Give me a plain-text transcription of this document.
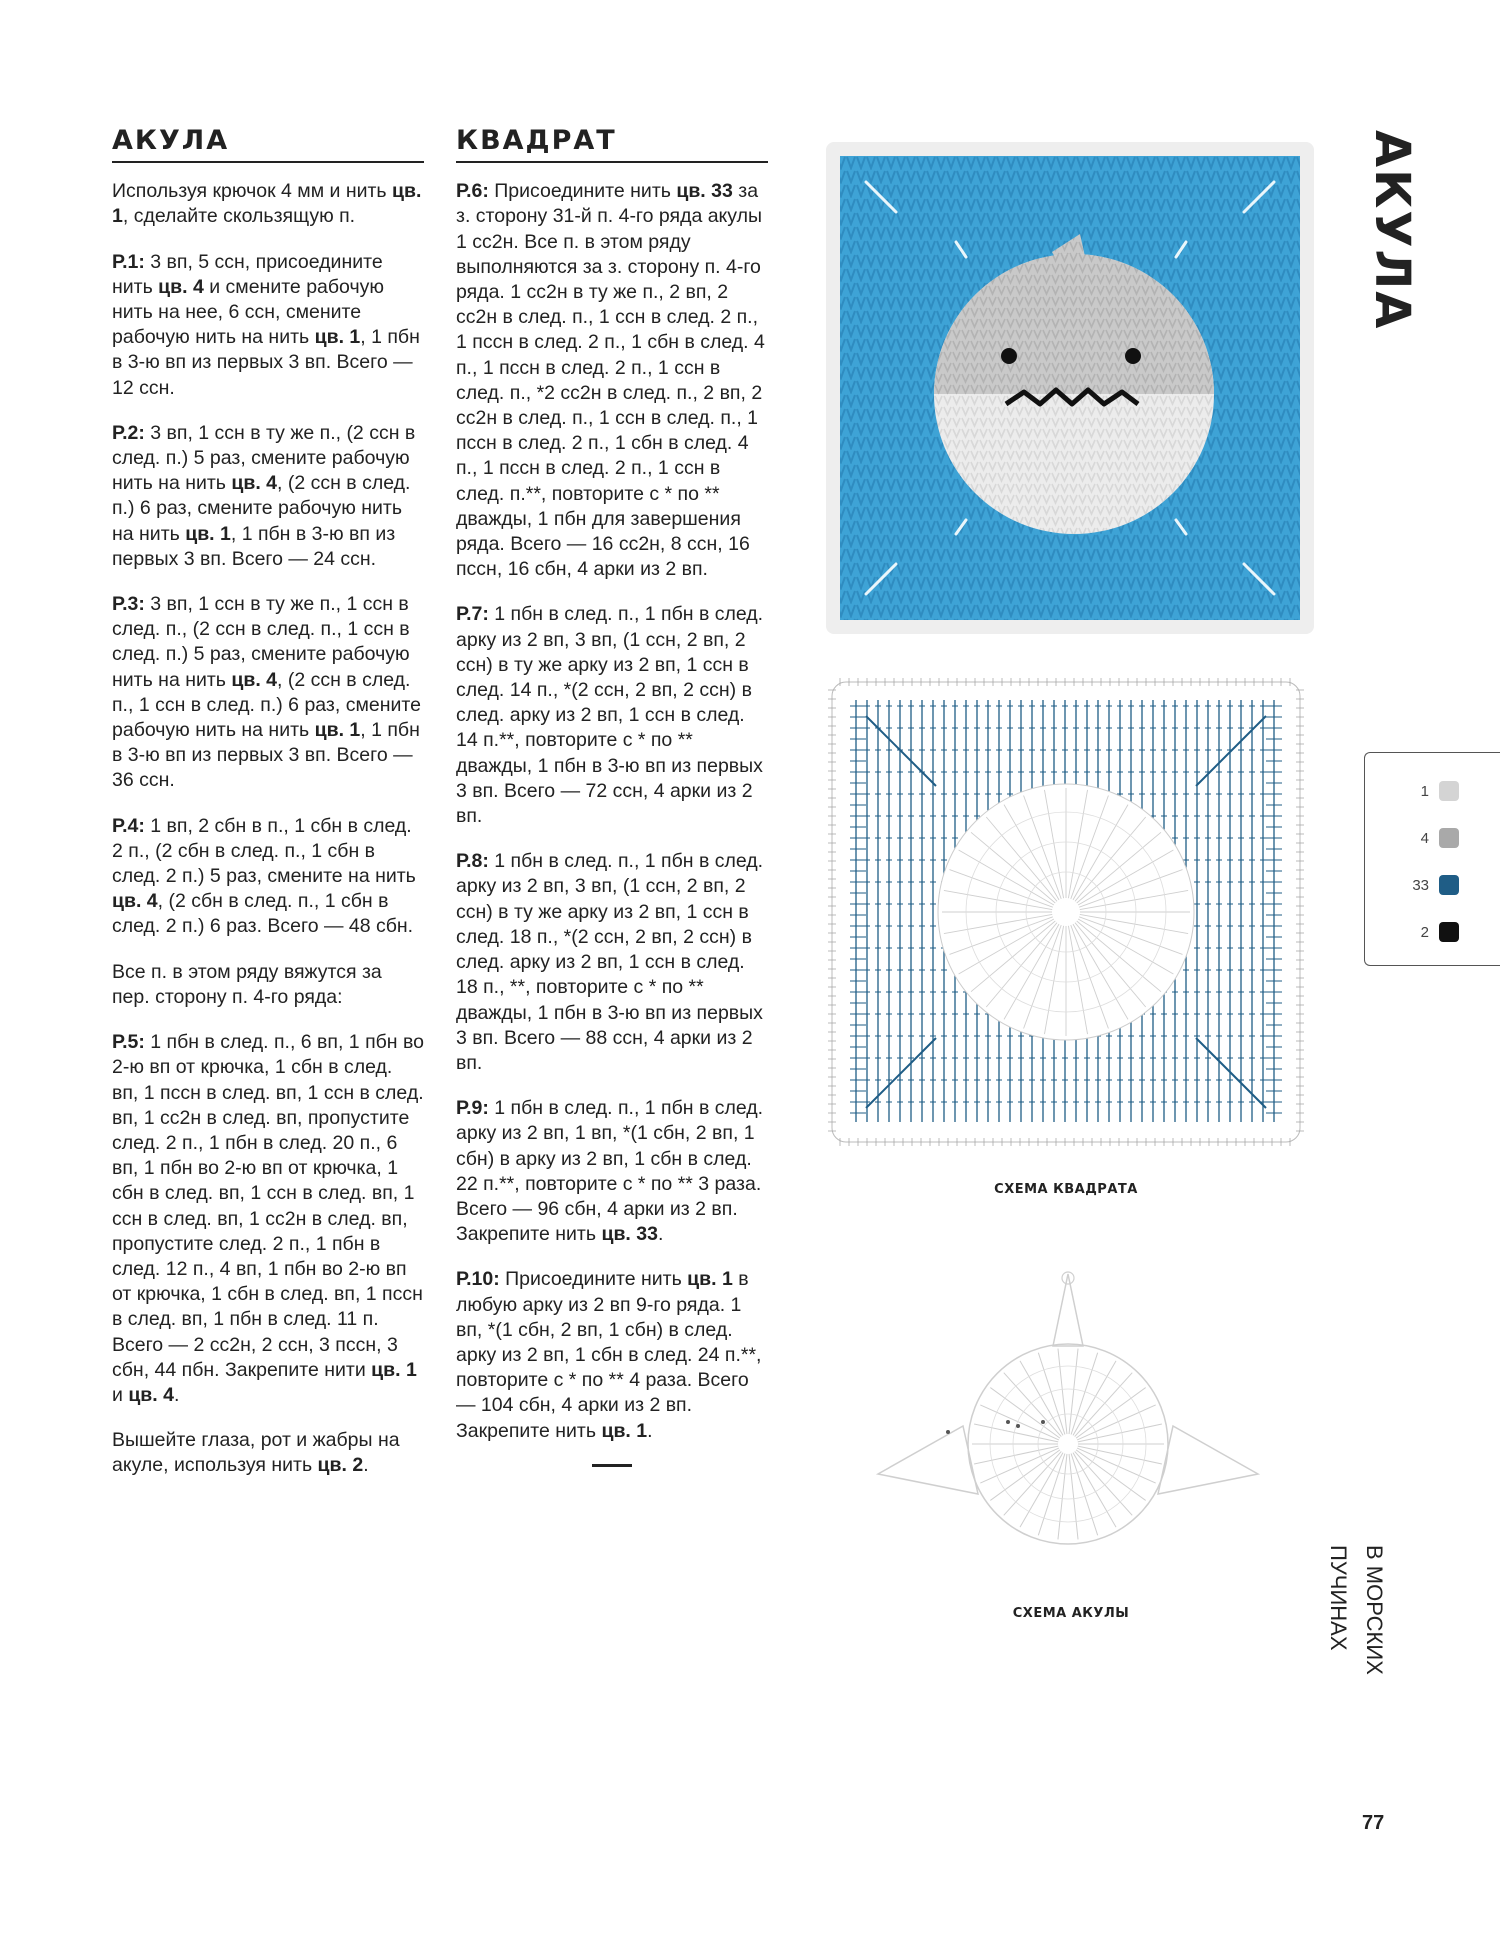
АКУЛА

Используя крючок 4 мм и нить цв. 1, сделайте скользящую п.

Р.1: 3 вп, 5 ссн, присоедините нить цв. 4 и смените рабочую нить на нее, 6 ссн, смените рабочую нить на нить цв. 1, 1 пбн в 3-ю вп из первых 3 вп. Всего — 12 ссн.

Р.2: 3 вп, 1 ссн в ту же п., (2 ссн в след. п.) 5 раз, смените рабочую нить на нить цв. 4, (2 ссн в след. п.) 6 раз, смените рабочую нить на нить цв. 1, 1 пбн в 3-ю вп из первых 3 вп. Всего — 24 ссн.

Р.3: 3 вп, 1 ссн в ту же п., 1 ссн в след. п., (2 ссн в след. п., 1 ссн в след. п.) 5 раз, смените рабочую нить на нить цв. 4, (2 ссн в след. п., 1 ссн в след. п.) 6 раз, смените рабочую нить на нить цв. 1, 1 пбн в 3-ю вп из первых 3 вп. Всего — 36 ссн.

Р.4: 1 вп, 2 сбн в п., 1 сбн в след. 2 п., (2 сбн в след. п., 1 сбн в след. 2 п.) 5 раз, смените на нить цв. 4, (2 сбн в след. п., 1 сбн в след. 2 п.) 6 раз. Всего — 48 сбн.

Все п. в этом ряду вяжутся за пер. сторону п. 4-го ряда:

Р.5: 1 пбн в след. п., 6 вп, 1 пбн во 2-ю вп от крючка, 1 сбн в след. вп, 1 пссн в след. вп, 1 ссн в след. вп, 1 сс2н в след. вп, пропустите след. 2 п., 1 пбн в след. 20 п., 6 вп, 1 пбн во 2-ю вп от крючка, 1 сбн в след. вп, 1 ссн в след. вп, 1 ссн в след. вп, 1 сс2н в след. вп, пропустите след. 2 п., 1 пбн в след. 12 п., 4 вп, 1 пбн во 2-ю вп от крючка, 1 сбн в след. вп, 1 пссн в след. вп, 1 пбн в след. 11 п. Всего — 2 сс2н, 2 ссн, 3 пссн, 3 сбн, 44 пбн. Закрепите нити цв. 1 и цв. 4.

Вышейте глаза, рот и жабры на акуле, используя нить цв. 2.

КВАДРАТ

Р.6: Присоедините нить цв. 33 за з. сторону 31-й п. 4-го ряда акулы 1 сс2н. Все п. в этом ряду выполняются за з. сторону п. 4-го ряда. 1 сс2н в ту же п., 2 вп, 2 сс2н в след. п., 1 ссн в след. 2 п., 1 пссн в след. 2 п., 1 сбн в след. 4 п., 1 пссн в след. 2 п., 1 ссн в след. п., *2 сс2н в след. п., 2 вп, 2 сс2н в след. п., 1 ссн в след. п., 1 пссн в след. 2 п., 1 сбн в след. 4 п., 1 пссн в след. 2 п., 1 ссн в след. п.**, повторите с * по ** дважды, 1 пбн для завершения ряда. Всего — 16 сс2н, 8 ссн, 16 пссн, 16 сбн, 4 арки из 2 вп.

Р.7: 1 пбн в след. п., 1 пбн в след. арку из 2 вп, 3 вп, (1 ссн, 2 вп, 2 ссн) в ту же арку из 2 вп, 1 ссн в след. 14 п., *(2 ссн, 2 вп, 2 ссн) в след. арку из 2 вп, 1 ссн в след. 14 п.**, повторите с * по ** дважды, 1 пбн в 3-ю вп из первых 3 вп. Всего — 72 ссн, 4 арки из 2 вп.

Р.8: 1 пбн в след. п., 1 пбн в след. арку из 2 вп, 3 вп, (1 ссн, 2 вп, 2 ссн) в ту же арку из 2 вп, 1 ссн в след. 18 п., *(2 ссн, 2 вп, 2 ссн) в след. арку из 2 вп, 1 ссн в след. 18 п., **, повторите с * по ** дважды, 1 пбн в 3-ю вп из первых 3 вп. Всего — 88 ссн, 4 арки из 2 вп.

Р.9: 1 пбн в след. п., 1 пбн в след. арку из 2 вп, 1 вп, *(1 сбн, 2 вп, 1 сбн) в арку из 2 вп, 1 сбн в след. 22 п.**, повторите с * по ** 3 раза. Всего — 96 сбн, 4 арки из 2 вп. Закрепите нить цв. 33.

Р.10: Присоедините нить цв. 1 в любую арку из 2 вп 9-го ряда. 1 вп, *(1 сбн, 2 вп, 1 сбн) в след. арку из 2 вп, 1 сбн в след. 24 п.**, повторите с * по ** 4 раза. Всего — 104 сбн, 4 арки из 2 вп. Закрепите нить цв. 1.

СХЕМА КВАДРАТА
СХЕМА АКУЛЫ
АКУЛА
1
4
33
2
В МОРСКИХ ПУЧИНАХ
77
